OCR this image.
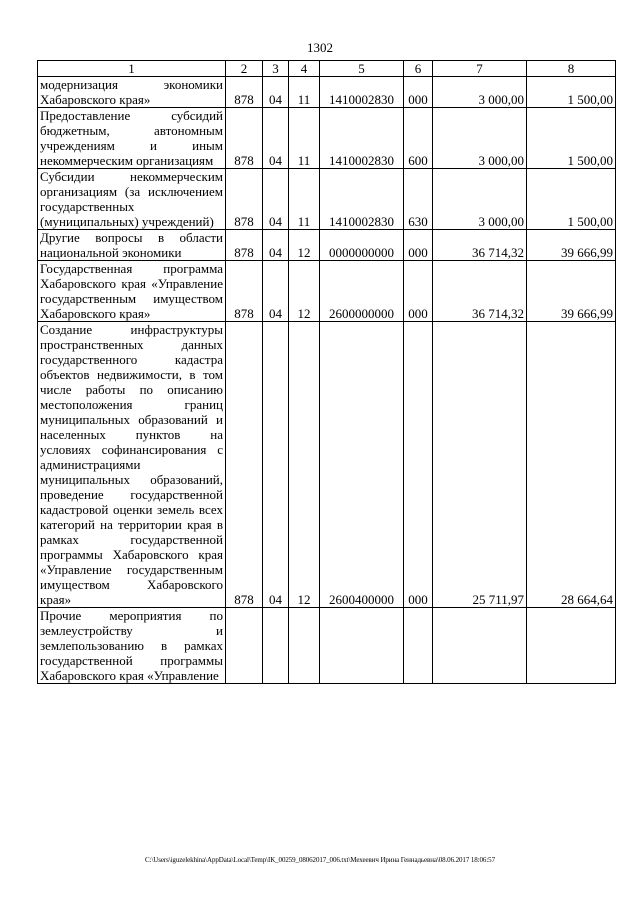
1302
1	2	3	4	5	6	7	8
модернизация экономики Хабаровского края»	878	04	11	1410002830	000	3 000,00	1 500,00
Предоставление субсидий бюджетным, автономным учреждениям и иным некоммерческим организациям	878	04	11	1410002830	600	3 000,00	1 500,00
Субсидии некоммерческим организациям (за исключением государственных (муниципальных) учреждений)	878	04	11	1410002830	630	3 000,00	1 500,00
Другие вопросы в области национальной экономики	878	04	12	0000000000	000	36 714,32	39 666,99
Государственная программа Хабаровского края «Управление государственным имуществом Хабаровского края»	878	04	12	2600000000	000	36 714,32	39 666,99
Создание инфраструктуры пространственных данных государственного кадастра объектов недвижимости, в том числе работы по описанию местоположения границ муниципальных образований и населенных пунктов на условиях софинансирования с администрациями муниципальных образований, проведение государственной кадастровой оценки земель всех категорий на территории края в рамках государственной программы Хабаровского края «Управление государственным имуществом Хабаровского края»	878	04	12	2600400000	000	25 711,97	28 664,64
Прочие мероприятия по землеустройству и землепользованию в рамках государственной программы Хабаровского края «Управление							
C:\Users\iguzelekhina\AppData\Local\Temp\IK_00259_08062017_006.txt\Мехеевич Ирина Геннадьевна\08.06.2017 18:06:57
